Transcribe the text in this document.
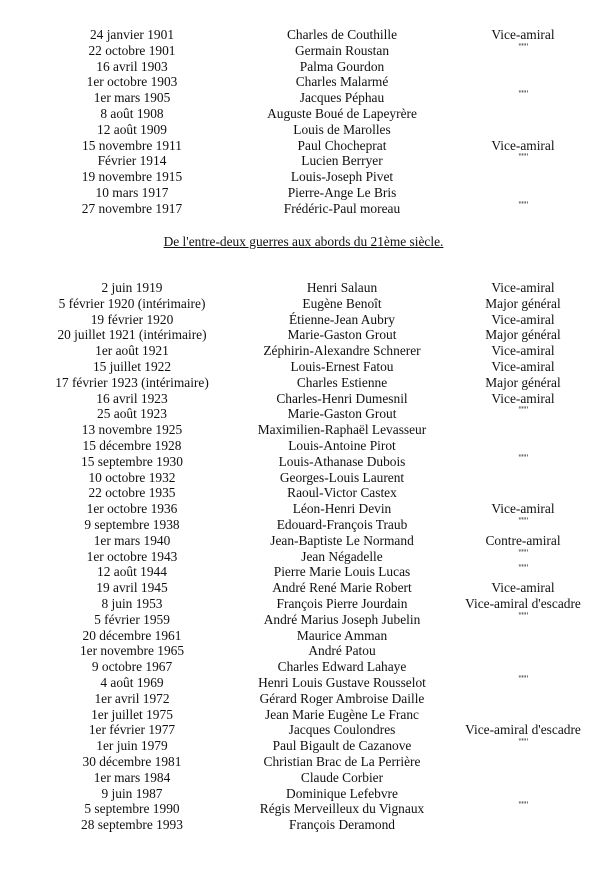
24 janvier 1901	Charles de Couthille	Vice-amiral
22 octobre 1901	Germain Roustan	"""
16 avril 1903	Palma Gourdon
1er octobre 1903	Charles Malarmé
1er mars 1905	Jacques Péphau	"""
8 août 1908	Auguste Boué de Lapeyrère
12 août 1909	Louis de Marolles
15 novembre 1911	Paul Chocheprat	Vice-amiral
Février 1914	Lucien Berryer	"""
19 novembre 1915	Louis-Joseph Pivet
10 mars 1917	Pierre-Ange Le Bris
27 novembre 1917	Frédéric-Paul moreau	"""
De l'entre-deux guerres aux abords du 21ème siècle.
2 juin 1919	Henri Salaun	Vice-amiral
5 février 1920 (intérimaire)	Eugène Benoît	Major général
19 février 1920	Étienne-Jean Aubry	Vice-amiral
20 juillet 1921 (intérimaire)	Marie-Gaston Grout	Major général
1er août 1921	Zéphirin-Alexandre Schnerer	Vice-amiral
15 juillet 1922	Louis-Ernest Fatou	Vice-amiral
17 février 1923 (intérimaire)	Charles Estienne	Major général
16 avril 1923	Charles-Henri Dumesnil	Vice-amiral
25 août 1923	Marie-Gaston Grout	"""
13 novembre 1925	Maximilien-Raphaël Levasseur
15 décembre 1928	Louis-Antoine Pirot
15 septembre 1930	Louis-Athanase Dubois	"""
10 octobre 1932	Georges-Louis Laurent
22 octobre 1935	Raoul-Victor Castex
1er octobre 1936	Léon-Henri Devin	Vice-amiral
9 septembre 1938	Edouard-François Traub	"""
1er mars 1940	Jean-Baptiste Le Normand	Contre-amiral
1er octobre 1943	Jean Négadelle	"""
12 août 1944	Pierre Marie Louis Lucas	"""
19 avril 1945	André René Marie Robert	Vice-amiral
8 juin 1953	François Pierre Jourdain	Vice-amiral d'escadre
5 février 1959	André Marius Joseph Jubelin	"""
20 décembre 1961	Maurice Amman
1er novembre 1965	André Patou
9 octobre 1967	Charles Edward Lahaye
4 août 1969	Henri Louis Gustave Rousselot	"""
1er avril 1972	Gérard Roger Ambroise Daille
1er juillet 1975	Jean Marie Eugène Le Franc
1er février 1977	Jacques Coulondres	Vice-amiral d'escadre
1er juin 1979	Paul Bigault de Cazanove	"""
30 décembre 1981	Christian Brac de La Perrière
1er mars 1984	Claude Corbier
9 juin 1987	Dominique Lefebvre
5 septembre 1990	Régis Merveilleux du Vignaux	"""
28 septembre 1993	François Deramond
